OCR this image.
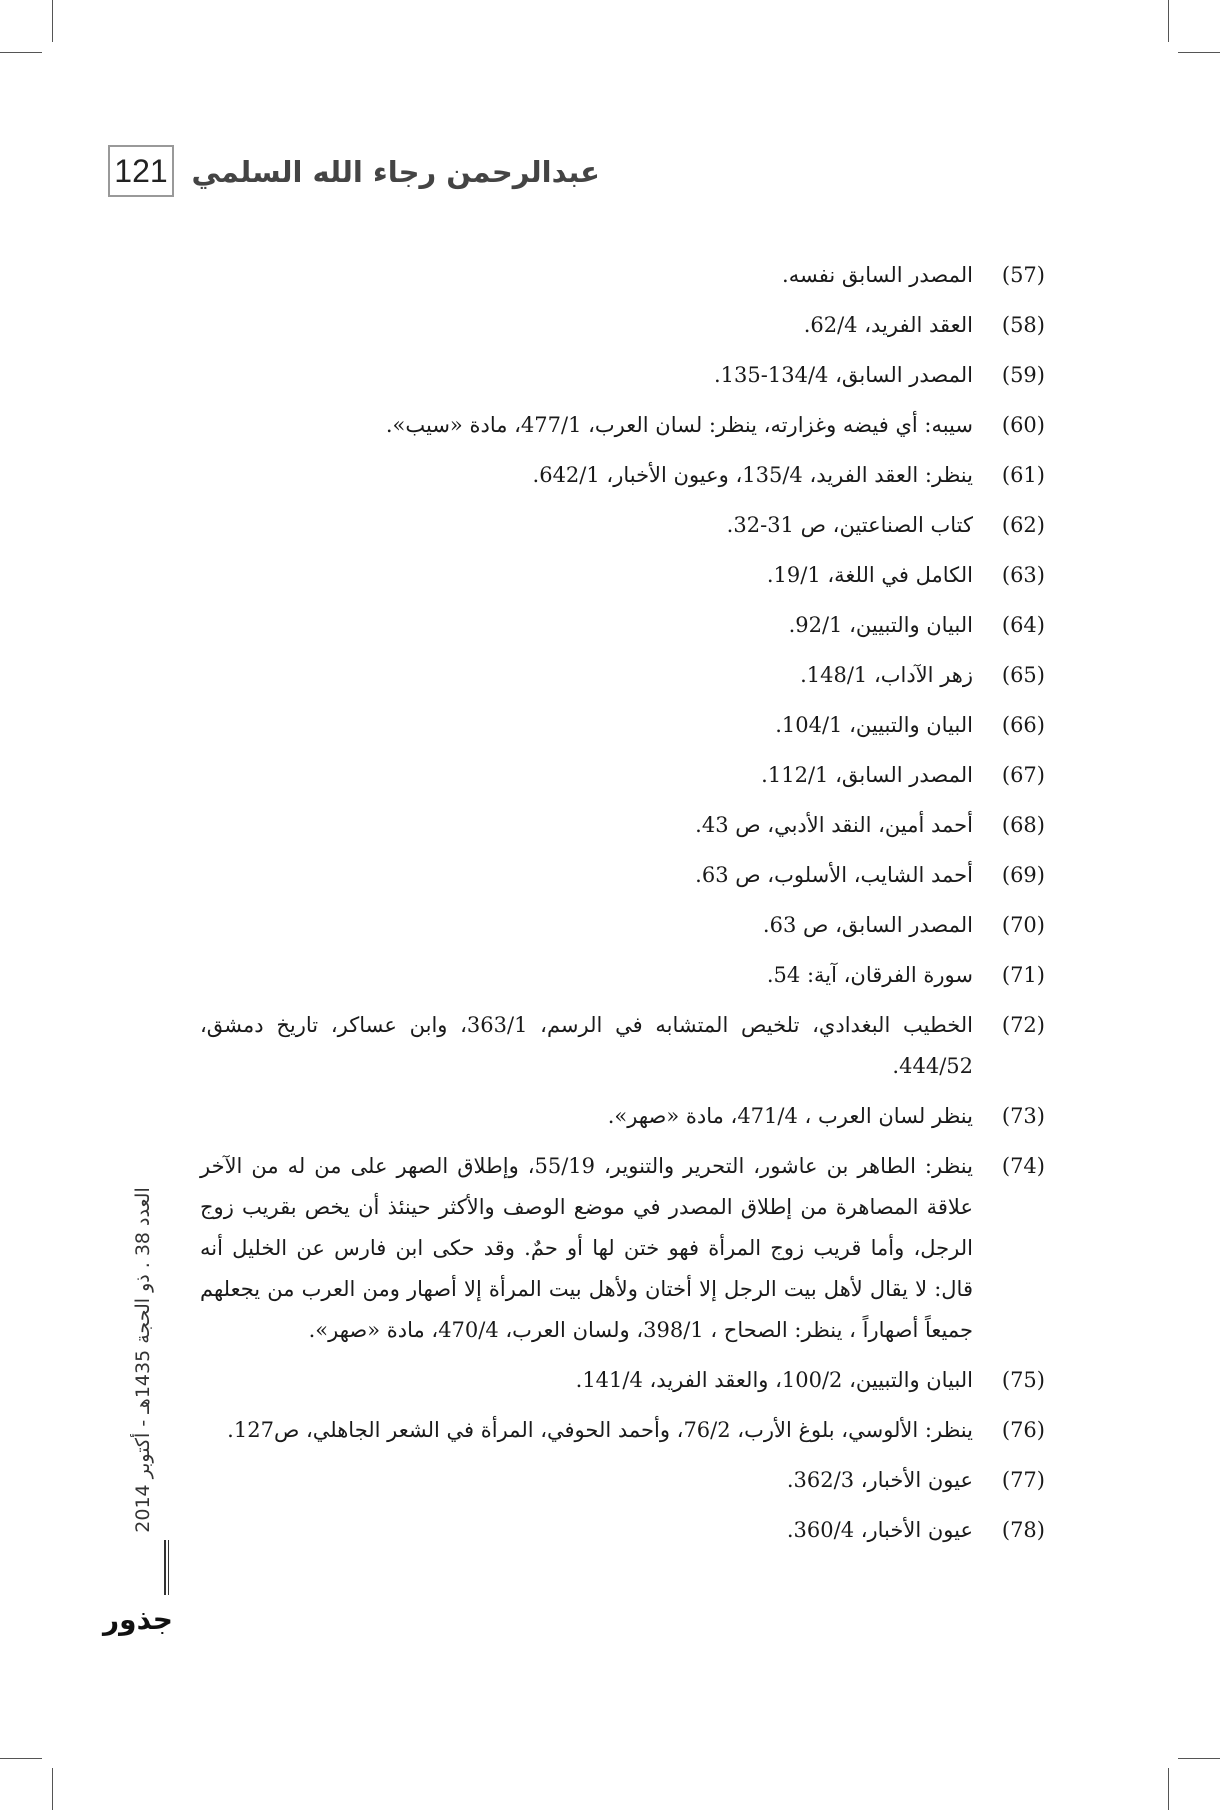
121 عبدالرحمن رجاء الله السلمي
(57)
المصدر السابق نفسه.
(58)
العقد الفريد، 62/4.
(59)
المصدر السابق، 134/4-135.
(60)
سيبه: أي فيضه وغزارته، ينظر: لسان العرب، 477/1، مادة «سيب».
(61)
ينظر: العقد الفريد، 135/4، وعيون الأخبار، 642/1.
(62)
كتاب الصناعتين، ص 31-32.
(63)
الكامل في اللغة، 19/1.
(64)
البيان والتبيين، 92/1.
(65)
زهر الآداب، 148/1.
(66)
البيان والتبيين، 104/1.
(67)
المصدر السابق، 112/1.
(68)
أحمد أمين، النقد الأدبي، ص 43.
(69)
أحمد الشايب، الأسلوب، ص 63.
(70)
المصدر السابق، ص 63.
(71)
سورة الفرقان، آية: 54.
(72)
الخطيب البغدادي، تلخيص المتشابه في الرسم، 363/1، وابن عساكر، تاريخ دمشق، 444/52.
(73)
ينظر لسان العرب ، 471/4، مادة «صهر».
(74)
ينظر: الطاهر بن عاشور، التحرير والتنوير، 55/19، وإطلاق الصهر على من له من الآخر علاقة المصاهرة من إطلاق المصدر في موضع الوصف والأكثر حينئذ أن يخص بقريب زوج الرجل، وأما قريب زوج المرأة فهو ختن لها أو حمٌ. وقد حكى ابن فارس عن الخليل أنه قال: لا يقال لأهل بيت الرجل إلا أختان ولأهل بيت المرأة إلا أصهار ومن العرب من يجعلهم جميعاً أصهاراً ، ينظر: الصحاح ، 398/1، ولسان العرب، 470/4، مادة «صهر».
(75)
البيان والتبيين، 100/2، والعقد الفريد، 141/4.
(76)
ينظر: الألوسي، بلوغ الأرب، 76/2، وأحمد الحوفي، المرأة في الشعر الجاهلي، ص127.
(77)
عيون الأخبار، 362/3.
(78)
عيون الأخبار، 360/4.
العدد 38 . ذو الحجة 1435هـ - أكتوبر 2014
جذور
